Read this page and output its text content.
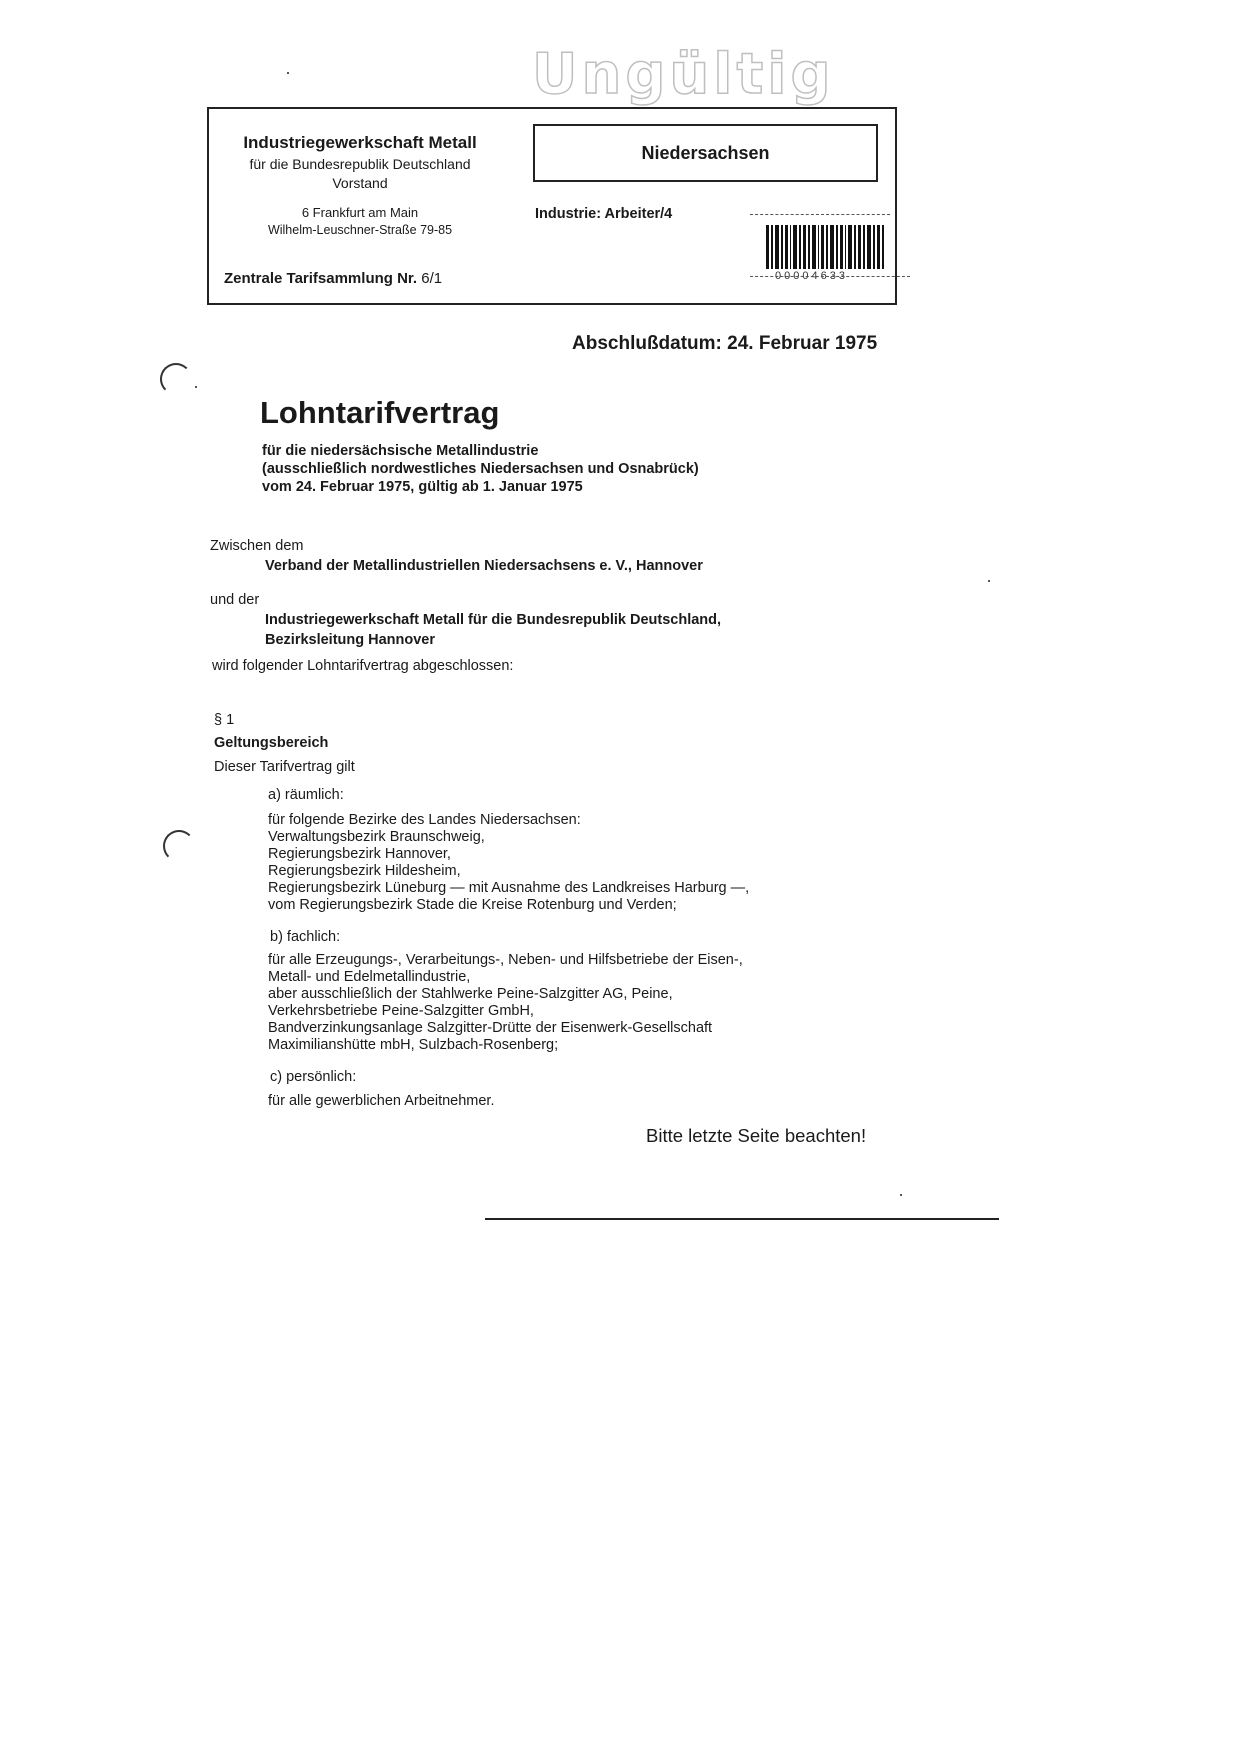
Ungültig
Industriegewerkschaft Metall
für die Bundesrepublik Deutschland
Vorstand
6 Frankfurt am Main
Wilhelm-Leuschner-Straße 79-85
Zentrale Tarifsammlung Nr. 6/1
Niedersachsen
Industrie: Arbeiter/4
00004633
Abschlußdatum: 24. Februar 1975
Lohntarifvertrag
für die niedersächsische Metallindustrie
(ausschließlich nordwestliches Niedersachsen und Osnabrück)
vom 24. Februar 1975, gültig ab 1. Januar 1975
Zwischen dem
Verband der Metallindustriellen Niedersachsens e. V., Hannover
und der
Industriegewerkschaft Metall für die Bundesrepublik Deutschland,
Bezirksleitung Hannover
wird folgender Lohntarifvertrag abgeschlossen:
§ 1
Geltungsbereich
Dieser Tarifvertrag gilt
a) räumlich:
für folgende Bezirke des Landes Niedersachsen:
Verwaltungsbezirk Braunschweig,
Regierungsbezirk Hannover,
Regierungsbezirk Hildesheim,
Regierungsbezirk Lüneburg — mit Ausnahme des Landkreises Harburg —,
vom Regierungsbezirk Stade die Kreise Rotenburg und Verden;
b) fachlich:
für alle Erzeugungs-, Verarbeitungs-, Neben- und Hilfsbetriebe der Eisen-,
Metall- und Edelmetallindustrie,
aber ausschließlich der Stahlwerke Peine-Salzgitter AG, Peine,
Verkehrsbetriebe Peine-Salzgitter GmbH,
Bandverzinkungsanlage Salzgitter-Drütte der Eisenwerk-Gesellschaft
Maximilianshütte mbH, Sulzbach-Rosenberg;
c) persönlich:
für alle gewerblichen Arbeitnehmer.
Bitte letzte Seite beachten!
